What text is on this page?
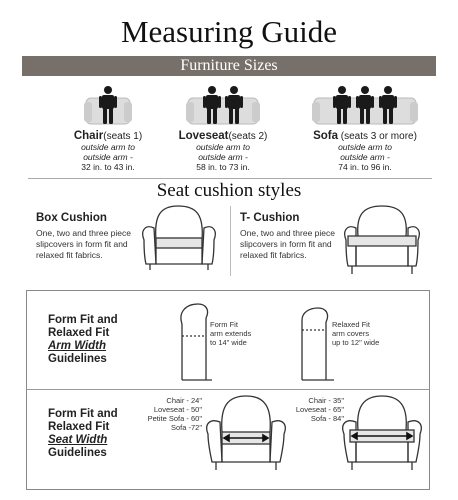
Measuring Guide
Furniture Sizes
Chair(seats 1)
outside arm to
outside arm -
32 in. to 43 in.
Loveseat(seats 2)
outside arm to
outside arm -
58 in. to 73 in.
Sofa (seats 3 or more)
outside arm to
outside arm -
74 in. to 96 in.
Seat cushion styles
Box Cushion
One, two and three piece slipcovers in form fit and relaxed fit fabrics.
T- Cushion
One, two and three piece slipcovers in form fit and relaxed fit fabrics.
Form Fit and
Relaxed Fit
Arm Width
Guidelines
Form Fit
arm extends
to 14" wide
Relaxed Fit
arm covers
up to 12" wide
Form Fit and
Relaxed Fit
Seat Width
Guidelines
Chair - 24"
Loveseat - 50"
Petite Sofa - 60"
Sofa -72"
Chair - 35"
Loveseat - 65"
Sofa - 84"
